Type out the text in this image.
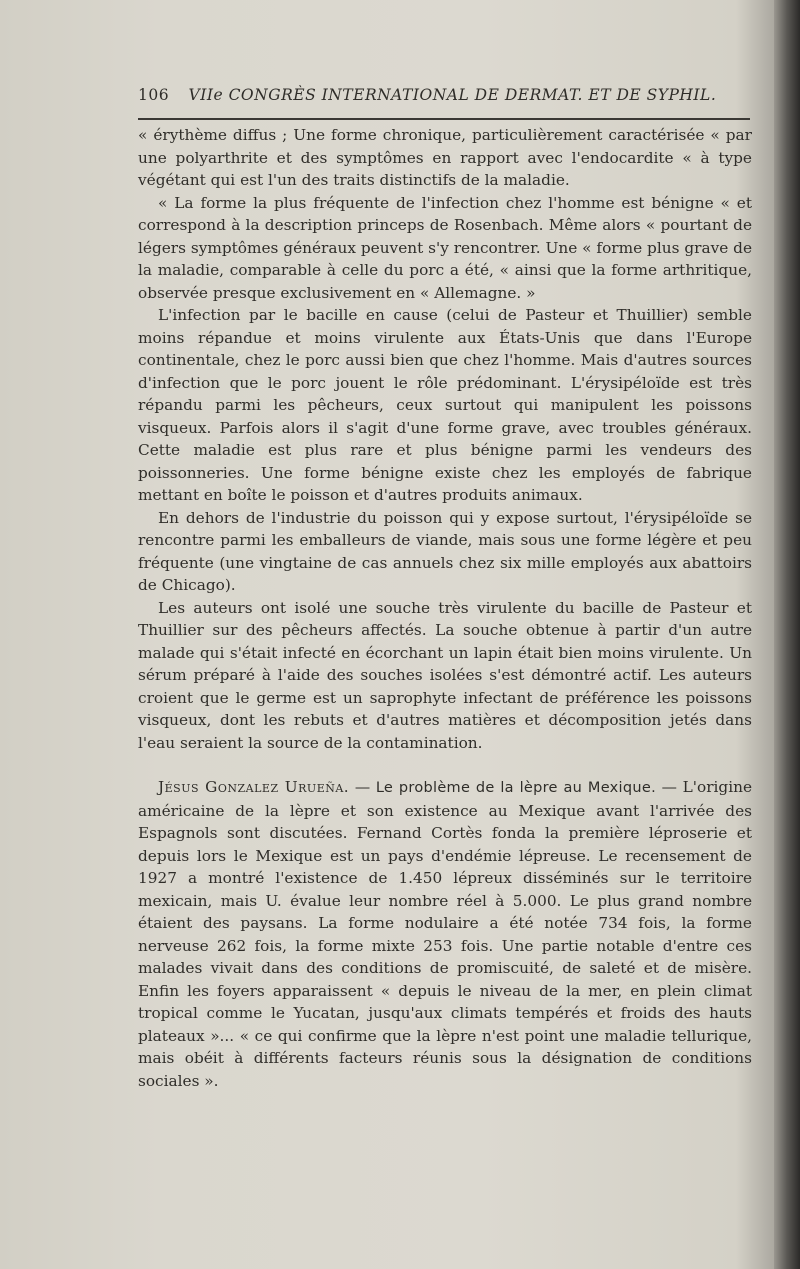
106 VIIe CONGRÈS INTERNATIONAL DE DERMAT. ET DE SYPHIL.

« érythème diffus ; Une forme chronique, particulièrement caractérisée « par une polyarthrite et des symptômes en rapport avec l'endocardite « à type végétant qui est l'un des traits distinctifs de la maladie.

« La forme la plus fréquente de l'infection chez l'homme est bénigne « et correspond à la description princeps de Rosenbach. Même alors « pourtant de légers symptômes généraux peuvent s'y rencontrer. Une « forme plus grave de la maladie, comparable à celle du porc a été, « ainsi que la forme arthritique, observée presque exclusivement en « Allemagne. »

L'infection par le bacille en cause (celui de Pasteur et Thuillier) semble moins répandue et moins virulente aux États-Unis que dans l'Europe continentale, chez le porc aussi bien que chez l'homme. Mais d'autres sources d'infection que le porc jouent le rôle prédominant. L'érysipéloïde est très répandu parmi les pêcheurs, ceux surtout qui manipulent les poissons visqueux. Parfois alors il s'agit d'une forme grave, avec troubles généraux. Cette maladie est plus rare et plus bénigne parmi les vendeurs des poissonneries. Une forme bénigne existe chez les employés de fabrique mettant en boîte le poisson et d'autres produits animaux.

En dehors de l'industrie du poisson qui y expose surtout, l'érysipéloïde se rencontre parmi les emballeurs de viande, mais sous une forme légère et peu fréquente (une vingtaine de cas annuels chez six mille employés aux abattoirs de Chicago).

Les auteurs ont isolé une souche très virulente du bacille de Pasteur et Thuillier sur des pêcheurs affectés. La souche obtenue à partir d'un autre malade qui s'était infecté en écorchant un lapin était bien moins virulente. Un sérum préparé à l'aide des souches isolées s'est démontré actif. Les auteurs croient que le germe est un saprophyte infectant de préférence les poissons visqueux, dont les rebuts et d'autres matières et décomposition jetés dans l'eau seraient la source de la contamination.

Jésus Gonzalez Urueña. — Le problème de la lèpre au Mexique. — L'origine américaine de la lèpre et son existence au Mexique avant l'arrivée des Espagnols sont discutées. Fernand Cortès fonda la première léproserie et depuis lors le Mexique est un pays d'endémie lépreuse. Le recensement de 1927 a montré l'existence de 1.450 lépreux disséminés sur le territoire mexicain, mais U. évalue leur nombre réel à 5.000. Le plus grand nombre étaient des paysans. La forme nodulaire a été notée 734 fois, la forme nerveuse 262 fois, la forme mixte 253 fois. Une partie notable d'entre ces malades vivait dans des conditions de promiscuité, de saleté et de misère. Enfin les foyers apparaissent « depuis le niveau de la mer, en plein climat tropical comme le Yucatan, jusqu'aux climats tempérés et froids des hauts plateaux »... « ce qui confirme que la lèpre n'est point une maladie tellurique, mais obéit à différents facteurs réunis sous la désignation de conditions sociales ».
